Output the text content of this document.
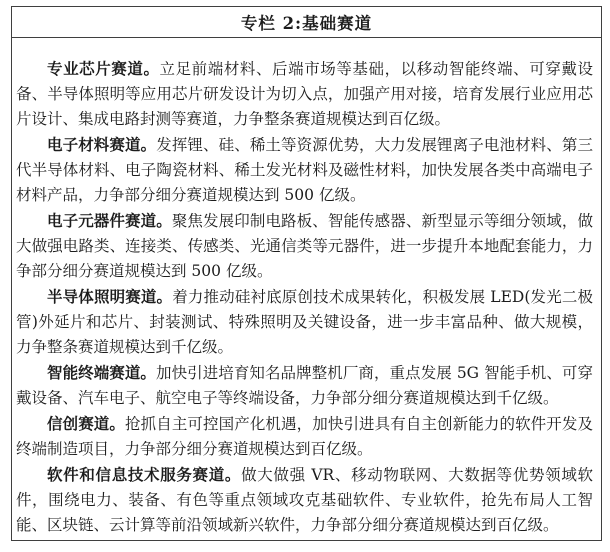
专栏 2:基础赛道

专业芯片赛道。立足前端材料、后端市场等基础，以移动智能终端、可穿戴设备、半导体照明等应用芯片研发设计为切入点，加强产用对接，培育发展行业应用芯片设计、集成电路封测等赛道，力争整条赛道规模达到百亿级。

电子材料赛道。发挥锂、硅、稀土等资源优势，大力发展锂离子电池材料、第三代半导体材料、电子陶瓷材料、稀土发光材料及磁性材料，加快发展各类中高端电子材料产品，力争部分细分赛道规模达到 500 亿级。

电子元器件赛道。聚焦发展印制电路板、智能传感器、新型显示等细分领域，做大做强电路类、连接类、传感类、光通信类等元器件，进一步提升本地配套能力，力争部分细分赛道规模达到 500 亿级。

半导体照明赛道。着力推动硅衬底原创技术成果转化，积极发展 LED(发光二极管)外延片和芯片、封装测试、特殊照明及关键设备，进一步丰富品种、做大规模，力争整条赛道规模达到千亿级。

智能终端赛道。加快引进培育知名品牌整机厂商，重点发展 5G 智能手机、可穿戴设备、汽车电子、航空电子等终端设备，力争部分细分赛道规模达到千亿级。

信创赛道。抢抓自主可控国产化机遇，加快引进具有自主创新能力的软件开发及终端制造项目，力争部分细分赛道规模达到百亿级。

软件和信息技术服务赛道。做大做强 VR、移动物联网、大数据等优势领域软件，围绕电力、装备、有色等重点领域攻克基础软件、专业软件，抢先布局人工智能、区块链、云计算等前沿领域新兴软件，力争部分细分赛道规模达到百亿级。
